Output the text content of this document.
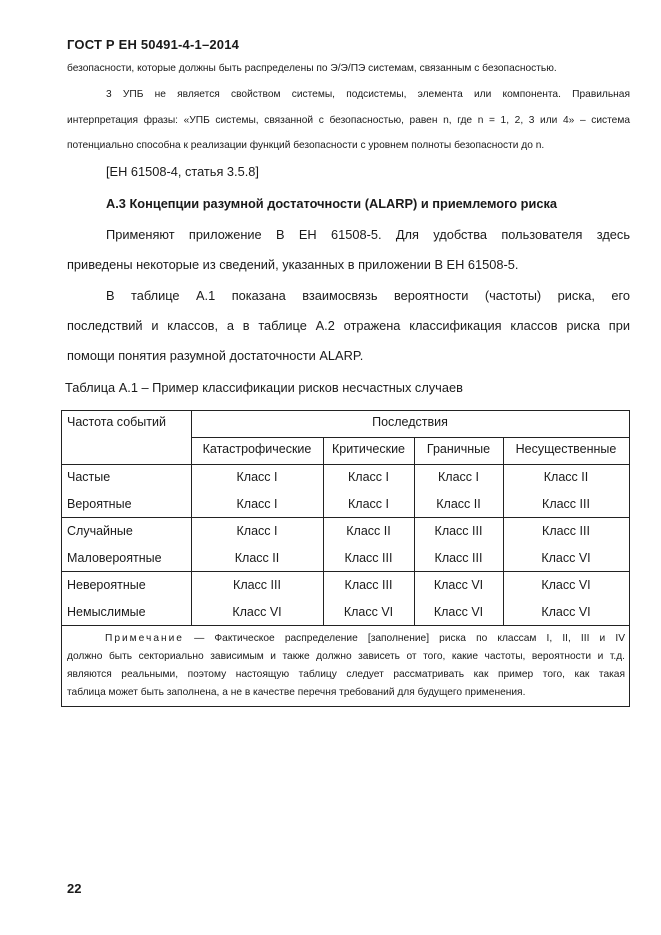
ГОСТ Р ЕН 50491-4-1–2014
безопасности, которые должны быть распределены по Э/Э/ПЭ системам, связанным с безопасностью.
3 УПБ не является свойством системы, подсистемы, элемента или компонента. Правильная
интерпретация фразы: «УПБ системы, связанной с безопасностью, равен n, где n = 1, 2, 3 или 4» – система
потенциально способна к реализации функций безопасности с уровнем полноты безопасности до n.
[ЕН 61508-4, статья 3.5.8]
А.3 Концепции разумной достаточности (ALARP) и приемлемого риска
Применяют приложение В ЕН 61508-5. Для удобства пользователя здесь
приведены некоторые из сведений, указанных в приложении В ЕН 61508-5.
В таблице А.1 показана взаимосвязь вероятности (частоты) риска, его
последствий и классов, а в таблице А.2 отражена классификация классов риска при
помощи понятия разумной достаточности ALARP.
Таблица А.1 – Пример классификации рисков несчастных случаев
Частота событий	Последствия
Катастрофические	Критические	Граничные	Несущественные
Частые	Класс I	Класс I	Класс I	Класс II
Вероятные	Класс I	Класс I	Класс II	Класс III
Случайные	Класс I	Класс II	Класс III	Класс III
Маловероятные	Класс II	Класс III	Класс III	Класс VI
Невероятные	Класс III	Класс III	Класс VI	Класс VI
Немыслимые	Класс VI	Класс VI	Класс VI	Класс VI
Примечание — Фактическое распределение [заполнение] риска по классам I, II, III и IV
должно быть секториально зависимым и также должно зависеть от того, какие частоты, вероятности и т.д.
являются реальными, поэтому настоящую таблицу следует рассматривать как пример того, как такая
таблица может быть заполнена, а не в качестве перечня требований для будущего применения.
22
